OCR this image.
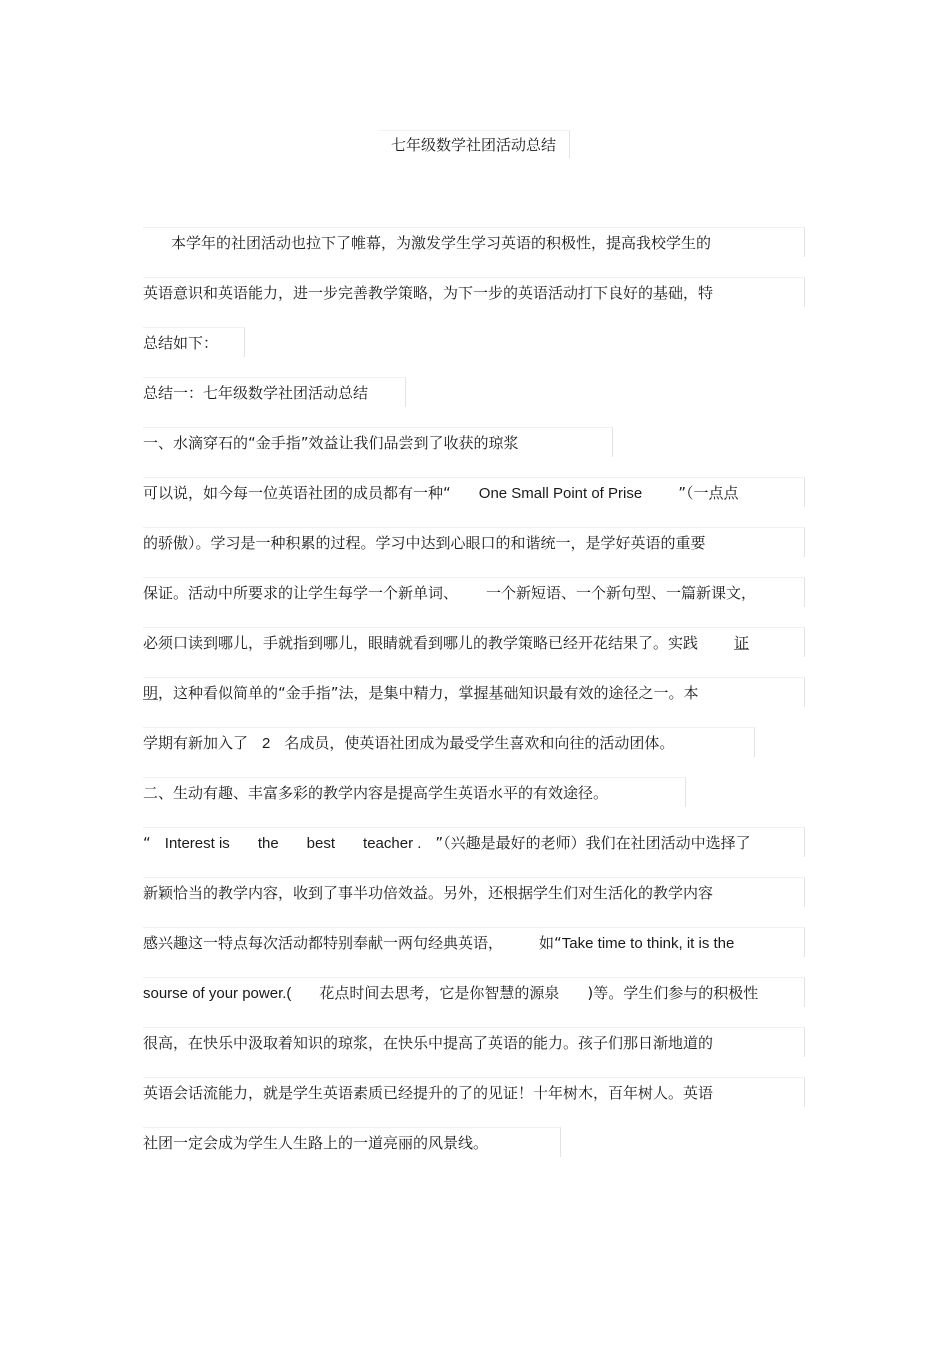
七年级数学社团活动总结
本学年的社团活动也拉下了帷幕，为激发学生学习英语的积极性，提高我校学生的
英语意识和英语能力，进一步完善教学策略，为下一步的英语活动打下良好的基础，特
总结如下：
总结一：七年级数学社团活动总结
一、水滴穿石的“金手指”效益让我们品尝到了收获的琼浆
可以说，如今每一位英语社团的成员都有一种“ One Small Point of Prise ”（一点点
的骄傲）。学习是一种积累的过程。学习中达到心眼口的和谐统一，是学好英语的重要
保证。活动中所要求的让学生每学一个新单词、 一个新短语、一个新句型、一篇新课文，
必须口读到哪儿，手就指到哪儿，眼睛就看到哪儿的教学策略已经开花结果了。实践 证
明，这种看似简单的“金手指”法，是集中精力，掌握基础知识最有效的途径之一。本
学期有新加入了 2 名成员，使英语社团成为最受学生喜欢和向往的活动团体。
二、生动有趣、丰富多彩的教学内容是提高学生英语水平的有效途径。
“ Interest is the best teacher . ”（兴趣是最好的老师）我们在社团活动中选择了
新颖恰当的教学内容，收到了事半功倍效益。另外，还根据学生们对生活化的教学内容
感兴趣这一特点每次活动都特别奉献一两句经典英语， 如“Take time to think, it is the
sourse of your power.( 花点时间去思考，它是你智慧的源泉 )等。学生们参与的积极性
很高，在快乐中汲取着知识的琼浆，在快乐中提高了英语的能力。孩子们那日渐地道的
英语会话流能力，就是学生英语素质已经提升的了的见证！十年树木，百年树人。英语
社团一定会成为学生人生路上的一道亮丽的风景线。
